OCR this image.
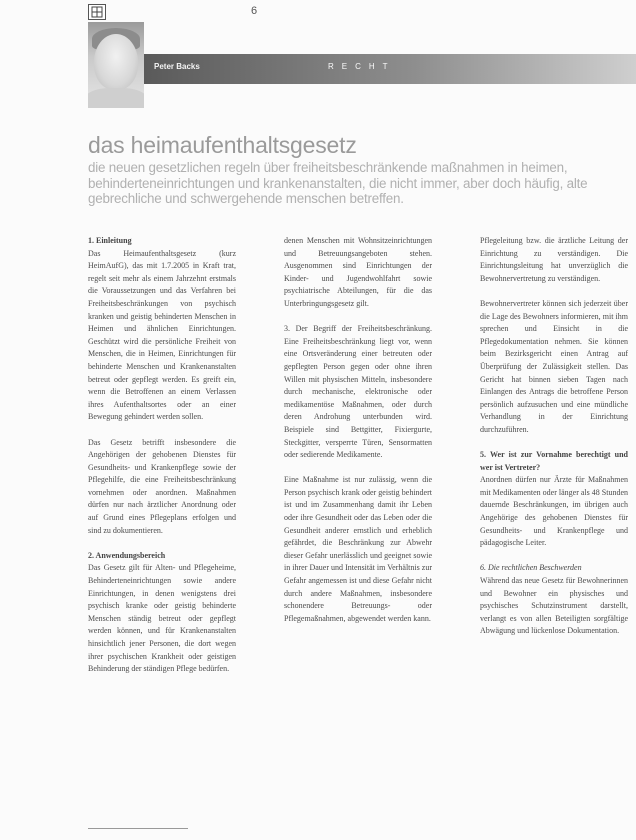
6
Peter Backs	RECHT
das heimaufenthaltsgesetz

die neuen gesetzlichen regeln über freiheitsbeschränkende maßnahmen in heimen, behinderteneinrichtungen und krankenanstalten, die nicht immer, aber doch häufig, alte gebrechliche und schwergehende menschen betreffen.

1. Einleitung

Das Heimaufenthaltsgesetz (kurz HeimAufG), das mit 1.7.2005 in Kraft trat, regelt seit mehr als einem Jahrzehnt erstmals die Voraussetzungen und das Verfahren bei Freiheitsbeschränkungen von psychisch kranken und geistig behinderten Menschen in Heimen und ähnlichen Einrichtungen. Geschützt wird die persönliche Freiheit von Menschen, die in Heimen, Einrichtungen für behinderte Menschen und Krankenanstalten betreut oder gepflegt werden. Es greift ein, wenn die Betroffenen an einem Verlassen ihres Aufenthaltsortes oder an einer Bewegung gehindert werden sollen.

Das Gesetz betrifft insbesondere die Angehörigen der gehobenen Dienstes für Gesundheits- und Krankenpflege sowie der Pflegehilfe, die eine Freiheitsbeschränkung vornehmen oder anordnen. Maßnahmen dürfen nur nach ärztlicher Anordnung oder auf Grund eines Pflegeplans erfolgen und sind zu dokumentieren.

2. Anwendungsbereich

Das Gesetz gilt für Alten- und Pflegeheime, Behinderteneinrichtungen sowie andere Einrichtungen, in denen wenigstens drei psychisch kranke oder geistig behinderte Menschen ständig betreut oder gepflegt werden können, und für Krankenanstalten hinsichtlich jener Personen, die dort wegen ihrer psychischen Krankheit oder geistigen Behinderung der ständigen Pflege bedürfen.

denen Menschen mit Wohnsitzeinrichtungen und Betreuungsangeboten stehen. Ausgenommen sind Einrichtungen der Kinder- und Jugendwohlfahrt sowie psychiatrische Abteilungen, für die das Unterbringungsgesetz gilt.

3. Der Begriff der Freiheitsbeschränkung. Eine Freiheitsbeschränkung liegt vor, wenn eine Ortsveränderung einer betreuten oder gepflegten Person gegen oder ohne ihren Willen mit physischen Mitteln, insbesondere durch mechanische, elektronische oder medikamentöse Maßnahmen, oder durch deren Androhung unterbunden wird. Beispiele sind Bettgitter, Fixiergurte, Steckgitter, versperrte Türen, Sensormatten oder sedierende Medikamente.

Eine Maßnahme ist nur zulässig, wenn die Person psychisch krank oder geistig behindert ist und im Zusammenhang damit ihr Leben oder ihre Gesundheit oder das Leben oder die Gesundheit anderer ernstlich und erheblich gefährdet, die Beschränkung zur Abwehr dieser Gefahr unerlässlich und geeignet sowie in ihrer Dauer und Intensität im Verhältnis zur Gefahr angemessen ist und diese Gefahr nicht durch andere Maßnahmen, insbesondere schonendere Betreuungs- oder Pflegemaßnahmen, abgewendet werden kann.

Pflegeleitung bzw. die ärztliche Leitung der Einrichtung zu verständigen. Die Einrichtungsleitung hat unverzüglich die Bewohnervertretung zu verständigen.

Bewohnervertreter können sich jederzeit über die Lage des Bewohners informieren, mit ihm sprechen und Einsicht in die Pflegedokumentation nehmen. Sie können beim Bezirksgericht einen Antrag auf Überprüfung der Zulässigkeit stellen. Das Gericht hat binnen sieben Tagen nach Einlangen des Antrags die betroffene Person persönlich aufzusuchen und eine mündliche Verhandlung in der Einrichtung durchzuführen.

5. Wer ist zur Vornahme berechtigt und wer ist Vertreter?

Anordnen dürfen nur Ärzte für Maßnahmen mit Medikamenten oder länger als 48 Stunden dauernde Beschränkungen, im übrigen auch Angehörige des gehobenen Dienstes für Gesundheits- und Krankenpflege und pädagogische Leiter.

6. Die rechtlichen Beschwerden

Während das neue Gesetz für Bewohnerinnen und Bewohner ein physisches und psychisches Schutzinstrument darstellt, verlangt es von allen Beteiligten sorgfältige Abwägung und lückenlose Dokumentation.
